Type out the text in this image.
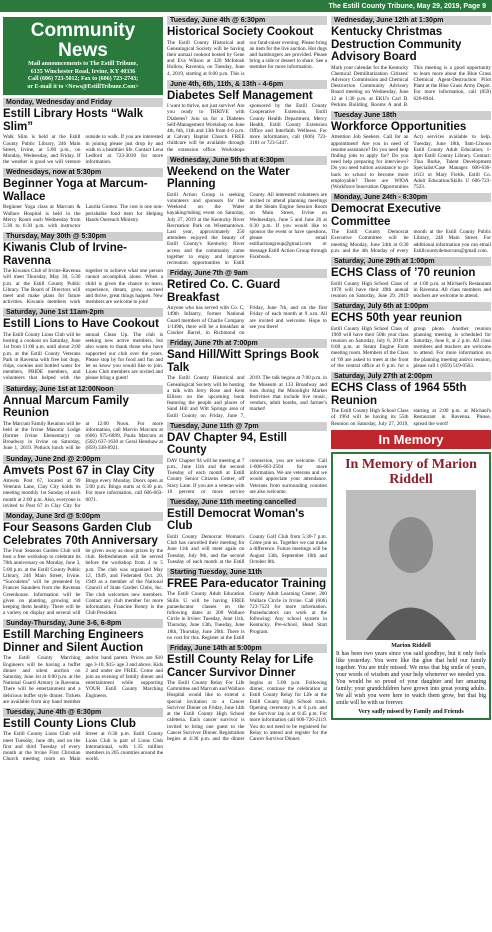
The Estill County Tribune, May 29, 2019, Page 9
Community News
Mail announcements to The Estill Tribune,
6135 Winchester Road, Irvine, KY 40336
Call (606) 723-5012; Fax to (606) 723-2743;
or E-mail it to <News@EstillTribune.Com>
Monday, Wednesday and Friday
Estill Library Hosts “Walk Slim”
Walk Slim is held at the Estill County Public Library, 246 Main Street, Irvine, at 5:00 p.m., on Monday, Wednesday, and Friday. If the weather is good we will venture outside to walk. If you are interested in joining please just drop by and walk to a healthier life. Contact Lena Ledford at 723-3030 for more information.
Wednesdays, now at 5:30pm
Beginner Yoga at Marcum-Wallace
Beginner Yoga class at Marcum & Wallace Hospital is held in the Mercy Room each Wednesday from 5:30 to 6:30 p.m. with instructor Laurita Gomez. The cost is one non-perishable food item for Helping Hands Outreach Ministry.
Thursday, May 30th @ 5:30pm
Kiwanis Club of Irvine-Ravenna
The Kiwanis Club of Irvine-Ravenna will meet Thursday, May 30, 5:30 p.m. at the Estill County Public Library. The Board of Directors will meet and make plans for future activities. Kiwanis members work together to achieve what one person cannot accomplish alone. When a child is given the chance to learn, experience, dream, grow, succeed and thrive, great things happen. New members are welcome to join!
Saturday, June 1st 11am-2pm
Estill Lions to Have Cookout
The Estill County Lions Club will be hosting a cookout on Saturday, June 1st from 11:00 a.m. until about 2:00 p.m. at the Estill County Veterans Park in Ravenna with free hot dogs, chips, cookies and bottled water for members, PRIDE members, and volunteers that helped with the annual Clean Up. The club is seeking new active members, but also wants to thank those who have supported our club over the years. Please stop by for food and fun and let us know you would like to join. Lions Club members are invited and please bring a guest!
Saturday, June 1st at 12:00Noon
Annual Marcum Family Reunion
The Marcum Family Reunion will be held at the Irvine Masonic Lodge (former Irvine Elementary) on Broadway in Irvine on Saturday, June 1, 2019. Potluck lunch will be at 12:00 Noon. For more information, call Marvin Marcum at (606) 975-6899, Paula Marcum at (502) 637-1630 or Geral Henshaw at (859) 338-8921.
Sunday, June 2nd @ 2:00pm
Amvets Post 67 in Clay City
Amvets Post 67, located at 99 Veterans Lane, Clay City holds its meeting monthly 1st Sunday of each month at 2:00 p.m. Also, everyone is invited to Post 67 in Clay City for Bingo every Monday. Doors open at 5:00 p.m. Bingo starts at 6:30 p.m. For more information, call 606-663-0071.
Monday, June 3rd @ 5:00pm
Four Seasons Garden Club Celebrates 70th Anniversary
The Four Seasons Garden Club will host a free workshop to celebrate its 70th anniversary on Monday, June 3, 5:00 p.m. at the Estill County Public Library, 246 Main Street, Irvine. “Succulents” will be presented by Frances Saunders from the Ravenna Greenhouse. Information will be given on planting, growing and keeping them healthy. There will be a variety on display and several will be given away as door prizes by the club. Refreshments will be served before the workshop from 4 to 5 p.m. The club was organized May 12, 1949, and Federated Oct. 20, 1949 as a member of the National Council of State Garden Clubs, Inc. The club welcomes new members. Contact any club member for more information. Francine Bonny is the Club President.
Sunday-Thursday, June 3-6, 6-8pm
Estill Marching Engineers Dinner and Silent Auction
The Estill County Marching Engineers will be having a buffet dinner and silent auction on Saturday, June 1st at 6:00 p.m. at the National Guard Armory in Ravenna. There will be entertainment and a delicious buffet style dinner. Tickets are available from any band member and/or band parent. Prices are $10 age 3-10, $15- age 3 and above. Kids 2 and under are FREE. Come and join an evening of family dinner and entertainment while supporting YOUR Estill County Marching Engineers.
Tuesday, June 4th @ 6:30pm
Estill County Lions Club
The Estill County Lions Club will meet Tuesday, June 4th, and on the first and third Tuesday of every month at the Irvine First Christian Church meeting room on Main Street at 6:30 p.m. Estill County Lions Club is part of Lions Club International, with 1.35 million members in 205 countries around the world.
Tuesday, June 4th @ 6:30pm
Historical Society Cookout
The Estill County Historical and Genealogical Society will be having their annual cookout hosted by Gene and Eva Wilson at 320 McIntosh Hollow, Ravenna, on Tuesday, June 4, 2019, starting at 6:00 p.m. This is our fund-raiser evening. Please bring an item for the live auction. Hot dogs and hamburgers are provided. Please bring a side or dessert to share. See a member for more information.
June 4th, 6th, 11th, & 13th - 4-6pm
Diabetes Self Management
I want to thrive, not just survive! Are you ready to THRIVE with Diabetes? Join us for a Diabetes Self-Management Workshop on June 4th, 6th, 11th and 13th from 4-6 p.m. at Calvary Baptist Church. FREE childcare will be available through the extension office. Workshops sponsored by the Estill County Cooperative Extension, Estill County Health Department, Mercy Health, Estill County Extension Office and Interfaith Wellness. For more information, call (606) 723-3181 or 723-5447.
Wednesday, June 5th th at 6:30pm
Weekend on the Water Planning
Estill Action Group is seeking volunteers and sponsors for the Weekend on the Water kayaking/tubing event on Saturday, July 27, 2019 at the Kentucky River Recreation Park on Wisemantown. Last year, approximately 250 attendees enjoyed the beauty of Estill County's Kentucky River access and the community came together to enjoy and improve recreation opportunities in Estill County. All interested volunteers are invited to attend planning meetings at the Steam Engine Session Room on Main Street, Irvine on Wednesdays, June 5 and June 26 at 6:30 p.m. If you would like to sponsor the event or have questions, please email estillactiongroup@gmail.com or message Estill Action Group through Facebook.
Friday, June 7th @ 9am
Retired Co. C. Guard Breakfast
Anyone who has served with Co. C, 149th Infantry, former National Guard members of Charlie Company 1/149th, there will be a breakfast at Cracker Barrel, in Richmond on Friday, June 7th, and on the first Friday of each month at 9 a.m. All are invited and welcome. Hope to see you there!
Friday, June 7th at 7:00pm
Sand Hill/Witt Springs Book Talk
The Estill County Historical and Genealogical Society will be hosting a talk with Jerry Rose and Kent Ellison on the upcoming book featuring the people and places of Sand Hill and Witt Springs area of Estill County on Friday, June 7, 2019. The talk begins at 7:00 p.m. in the Museum at 133 Broadway and runs during the Moonlight Market festivities that include live music, vendors, adult booths, and farmer's market!
Tuesday, June 11th @ 7pm
DAV Chapter 94, Estill County
DAV Chapter 94 will be meeting at 7 p.m., June 11th and the second Tuesday of each month at Estill County Senior Citizens Center, off Stacy Lane. If you are a veteran with 10 percent or more service connection, you are welcome. Call 1-606-663-2504 for more information. We are veterans and we would appreciate your attendance. Veterans from surrounding counties are also welcome.
Tuesday, June 11th meeting cancelled
Estill Democrat Woman's Club
Estill County Democrat Woman's Club has cancelled their meeting for June 11th and will meet again on Tuesday, July 9th, and the second Tuesday of each month at the Estill County Golf Club from 5:30-7 p.m. Come join us. Together we can make a difference. Future meetings will be August 13th, September 10th and October 8th.
Starting Tuesday, June 11th
FREE Para-educator Training
The Estill County Adult Education Skills U will be having FREE paraeducator classes on the following dates at 200 Wallace Circle in Irvine: Tuesday, June 11th, Thursday, June 13th, Tuesday, June 18th, Thursday, June 20th. There is no cost for this. Register at the Estill County Adult Learning Center, 200 Wallace Circle in Irvine. Call (606) 723-7523 for more information. Paraeducators can work at the following: Any school system in Kentucky, Pre-school, Head Start Program.
Friday, June 14th at 5:00pm
Estill County Relay for Life Cancer Survivor Dinner
The Estill County Relay For Life Committee and Marcum and Wallace Hospital would like to extend a special invitation to a Cancer Survivor Dinner on Friday, June 14th at the Estill County High School cafeteria. Each cancer survivor is invited to bring one guest to the Cancer Survivor Dinner. Registration begins at 4:30 p.m. and the dinner begins at 5:00 p.m. Following dinner, continue the celebration at Estill County Relay for Life at the Estill County High School track. Opening ceremony is at 6 p.m. and the Survivor lap is at 6:45 p.m. For more information call 606-726-2119. You do not need to be registered for Relay to attend and register for the Cancer Survivor Dinner.
Wednesday, June 12th at 1:30pm
Kentucky Christmas Destruction Community Advisory Board
Mark your calendar for the Kentucky Chemical Demilitarization Citizens' Advisory Commission and Chemical Destruction Community Advisory Board meeting on Wednesday, June 12 at 1:30 p.m. at EKU's Carl D. Perkins Building, Rooms A and B. This meeting is a good opportunity to learn more about the Blue Grass Chemical Agent-Destruction Pilot Plant at the Blue Grass Army Depot. For more information, call (859) 626-8944.
Tuesday June 18th
Workforce Opportunities
Attention Job Seekers. Call for an appointment! Are you in need of resume assistance? Do you need help finding jobs to apply for? Do you need help preparing for interviews? Do you need tuition assistance to go back to school to become more employable? There are WIOA (Workforce Innovation Opportunities Act) services available to help. Tuesday, June 18th, 9am-12noon Estill County Adult Education; 1-4pm Estill County Library. Contact: Tina Burke, Talent Development Specialist/Case Manager. 606-636-1613 or Mary Fields, Estill Co. Adult Education/Skills U 606-723-7523.
Monday, June 24th - 6:30pm
Democrat Executive Committee
The Estill County Democrat Executive Committee will be meeting Monday, June 24th at 6:30 p.m. and the 4th Monday of every month at the Estill County Public Library, 246 Main Street. For additional information you can email Estillcountydemocrats@gmail.com.
Saturday, June 29th at 1:00pm
ECHS Class of ’70 reunion
Estill County High School Class of 1970 will have their 49th annual reunion on Saturday, June 29, 2019 at 1:00 p.m. at Michael's Restaurant in Ravenna. All class members and teachers are welcome to attend.
Saturday, July 6th at 1:00pm
ECHS 50th year reunion
Estill County High School Class of 1969 will have their 50th year class reunion on Saturday, July 6, 2019 at 6:00 p.m. at Steam Engine Farm meeting room. Members of the Class of '69 are asked to meet at the front of the central office at 6 p.m. for a group photo. Another reunion planning meeting is scheduled for Saturday, June 8, at 2 p.m. All class members and teachers are welcome to attend. For more information on the planning meeting and/or reunion, please call 1 (859) 519-0563.
Saturday, July 27th at 2:00pm
ECHS Class of 1964 55th Reunion
The Estill County High School Class of 1964 will be having its 55th Reunion on Saturday, July 27, 2019, starting at 2:00 p.m. at Michael's Restaurant in Ravenna. Please, spread the word!
In Memory
In Memory of Marion Riddell
Marion Riddell
It has been two years since you said goodbye, but it only feels like yesterday. You were like the glue that held our family together. You are truly missed. We miss that big smile of yours, your words of wisdom and your help whenever we needed you. You would be so proud of your daughter and her amazing family; your grandchildren have grown into great young adults. We all wish you were here to watch them grow, but that big smile will be with us forever.
Very sadly missed by Family and Friends
